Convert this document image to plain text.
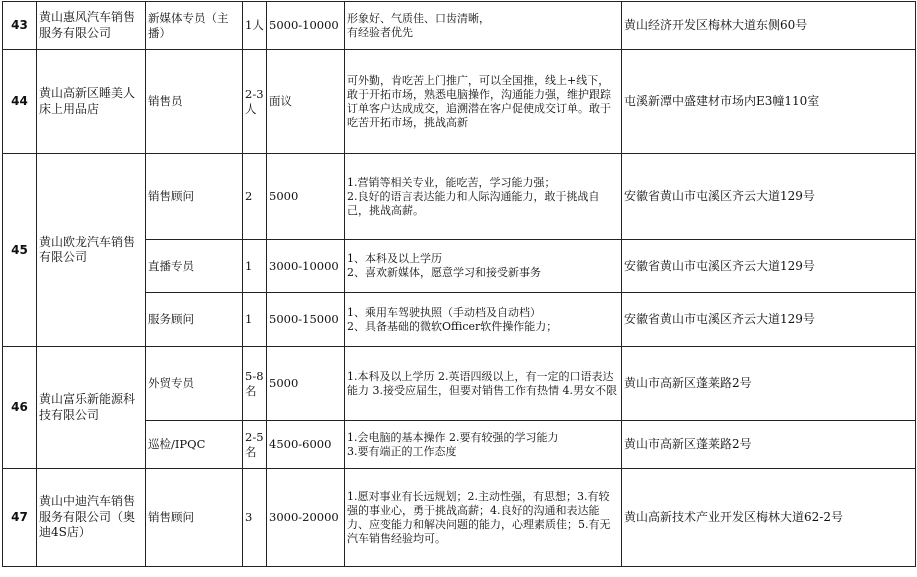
43	黄山惠风汽车销售服务有限公司	新媒体专员（主播）	1人	5000-10000	形象好、气质佳、口齿清晰，
有经验者优先	黄山经济开发区梅林大道东侧60号
44	黄山高新区睡美人床上用品店	销售员	2-3人	面议	可外勤，肯吃苦上门推广，可以全国推，线上+线下，敢于开拓市场，熟悉电脑操作，沟通能力强，维护跟踪订单客户达成成交，追溯潜在客户促使成交订单。敢于吃苦开拓市场，挑战高新	屯溪新潭中盛建材市场内E3幢110室
45	黄山欧龙汽车销售有限公司	销售顾问	2	5000	1.营销等相关专业，能吃苦，学习能力强；
2.良好的语言表达能力和人际沟通能力，敢于挑战自己，挑战高薪。	安徽省黄山市屯溪区齐云大道129号
		直播专员	1	3000-10000	1、本科及以上学历
2、喜欢新媒体，愿意学习和接受新事务	安徽省黄山市屯溪区齐云大道129号
		服务顾问	1	5000-15000	1、乘用车驾驶执照（手动档及自动档）
2、具备基础的微软Officer软件操作能力；	安徽省黄山市屯溪区齐云大道129号
46	黄山富乐新能源科技有限公司	外贸专员	5-8名	5000	1.本科及以上学历 2.英语四级以上，有一定的口语表达能力 3.接受应届生，但要对销售工作有热情 4.男女不限	黄山市高新区蓬莱路2号
		巡检/IPQC	2-5名	4500-6000	1.会电脑的基本操作 2.要有较强的学习能力
3.要有端正的工作态度	黄山市高新区蓬莱路2号
47	黄山中迪汽车销售服务有限公司（奥迪4S店）	销售顾问	3	3000-20000	1.愿对事业有长远规划；2.主动性强，有思想；3.有较强的事业心，勇于挑战高薪；4.良好的沟通和表达能力、应变能力和解决问题的能力，心理素质佳；5.有无汽车销售经验均可。	黄山高新技术产业开发区梅林大道62-2号
